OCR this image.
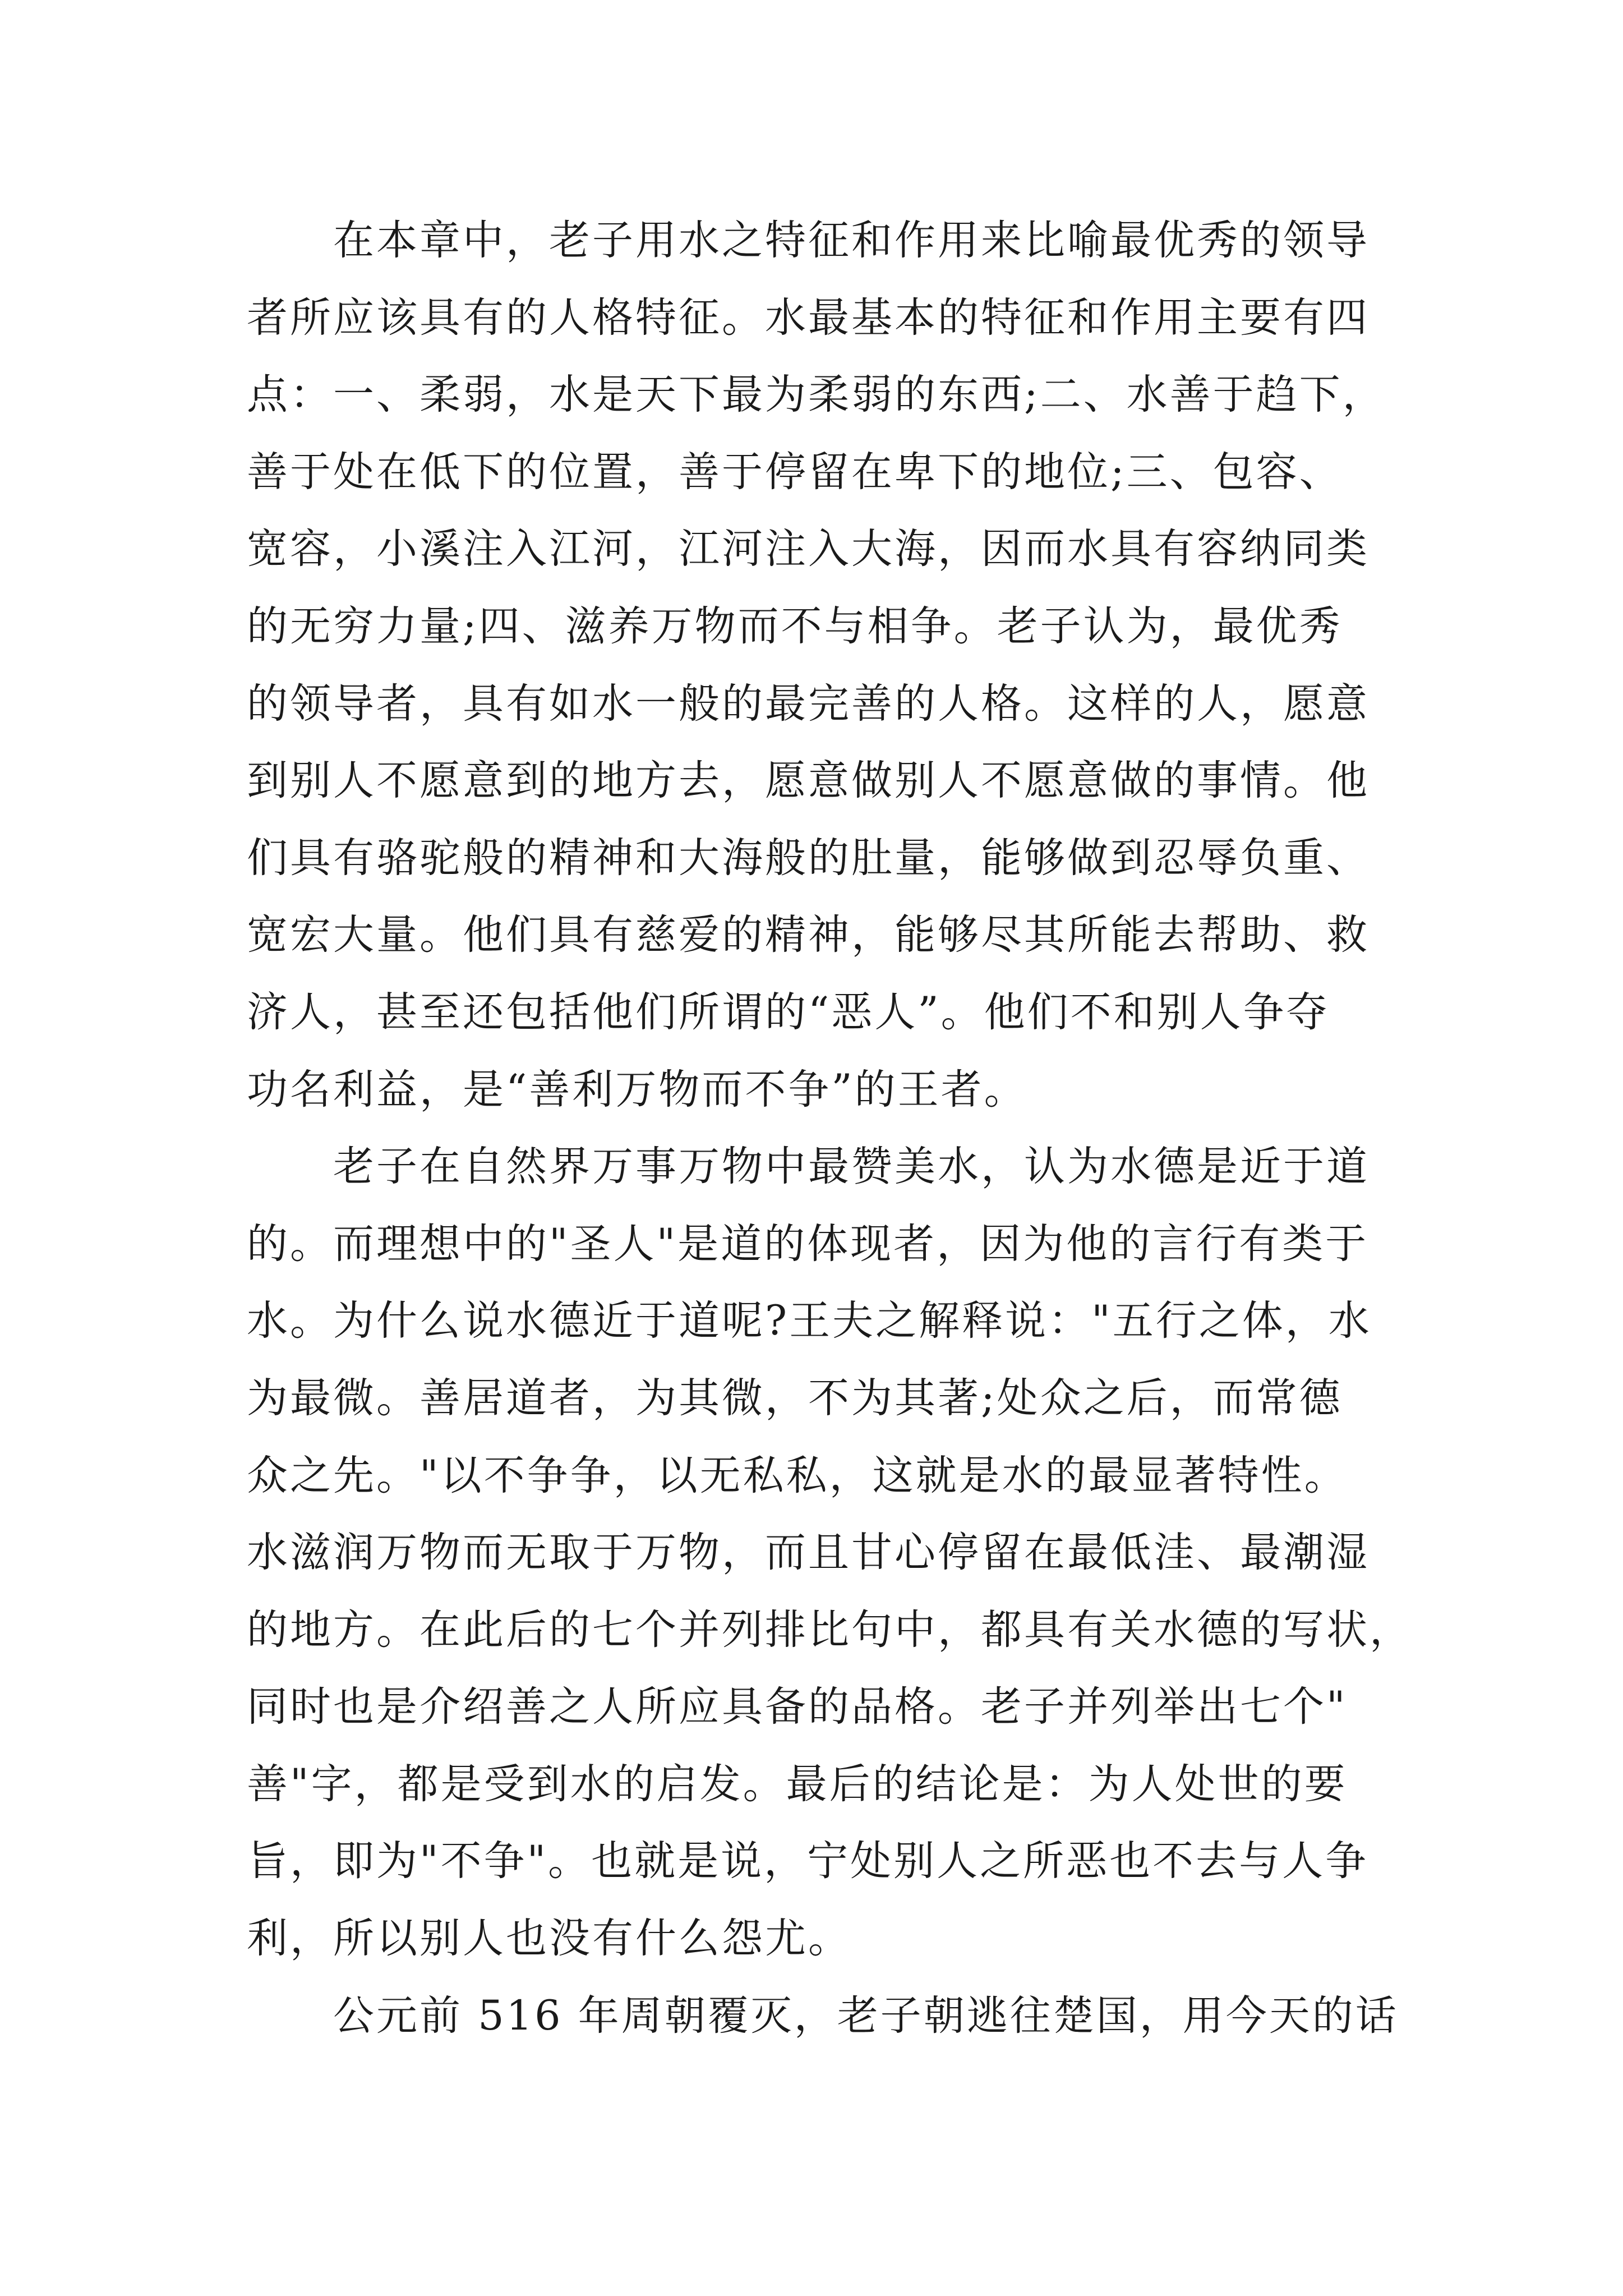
　　在本章中，老子用水之特征和作用来比喻最优秀的领导
者所应该具有的人格特征。水最基本的特征和作用主要有四
点：一、柔弱，水是天下最为柔弱的东西;二、水善于趋下，
善于处在低下的位置，善于停留在卑下的地位;三、包容、
宽容，小溪注入江河，江河注入大海，因而水具有容纳同类
的无穷力量;四、滋养万物而不与相争。老子认为，最优秀
的领导者，具有如水一般的最完善的人格。这样的人，愿意
到别人不愿意到的地方去，愿意做别人不愿意做的事情。他
们具有骆驼般的精神和大海般的肚量，能够做到忍辱负重、
宽宏大量。他们具有慈爱的精神，能够尽其所能去帮助、救
济人，甚至还包括他们所谓的“恶人”。他们不和别人争夺
功名利益，是“善利万物而不争”的王者。
　　老子在自然界万事万物中最赞美水，认为水德是近于道
的。而理想中的"圣人"是道的体现者，因为他的言行有类于
水。为什么说水德近于道呢?王夫之解释说："五行之体，水
为最微。善居道者，为其微，不为其著;处众之后，而常德
众之先。"以不争争，以无私私，这就是水的最显著特性。
水滋润万物而无取于万物，而且甘心停留在最低洼、最潮湿
的地方。在此后的七个并列排比句中，都具有关水德的写状，
同时也是介绍善之人所应具备的品格。老子并列举出七个"
善"字，都是受到水的启发。最后的结论是：为人处世的要
旨，即为"不争"。也就是说，宁处别人之所恶也不去与人争
利，所以别人也没有什么怨尤。
　　公元前 516 年周朝覆灭，老子朝逃往楚国，用今天的话
